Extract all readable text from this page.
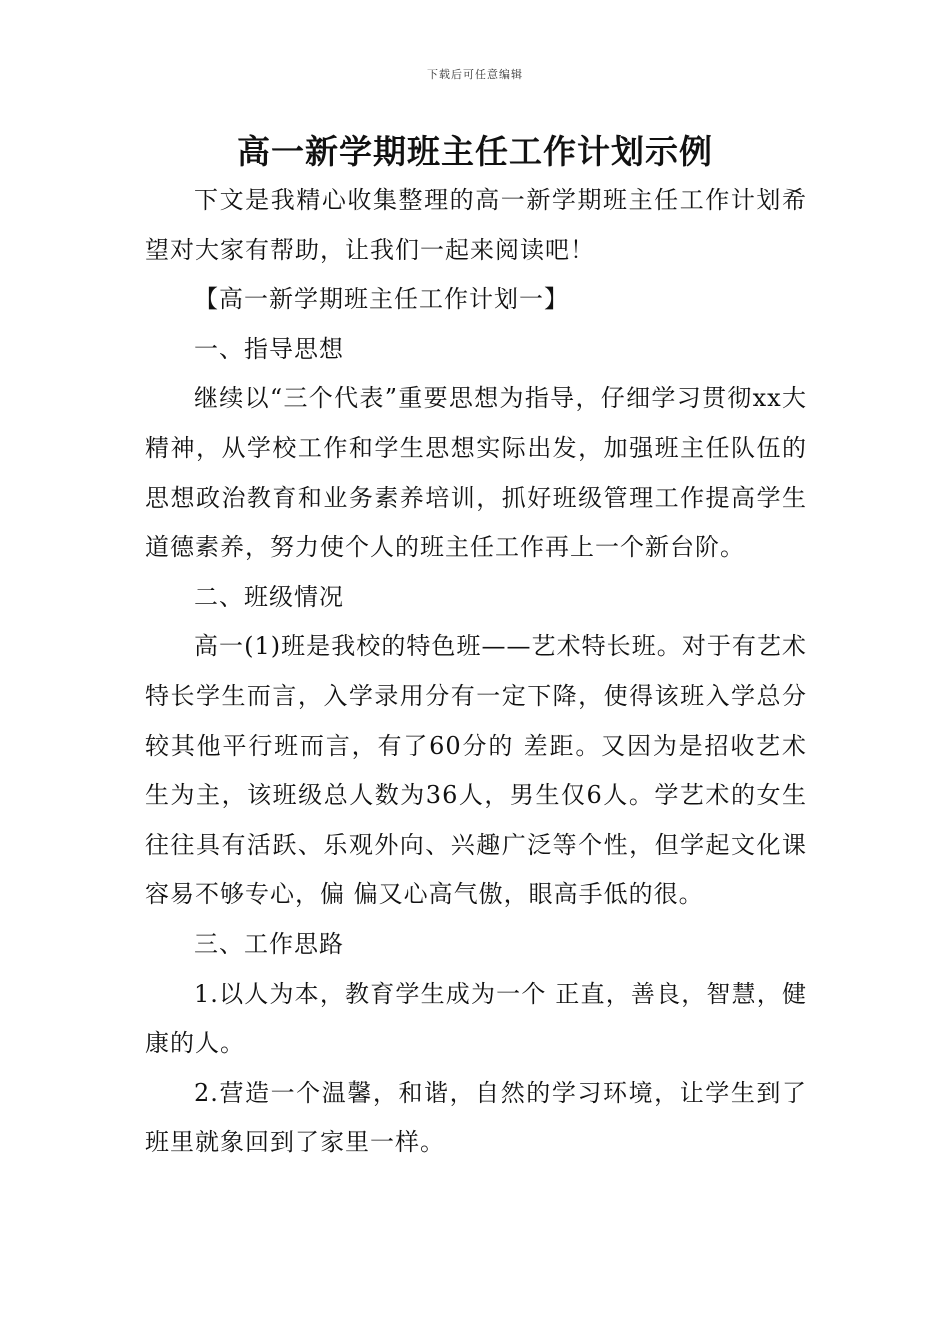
下载后可任意编辑
高一新学期班主任工作计划示例

下文是我精心收集整理的高一新学期班主任工作计划希望对大家有帮助，让我们一起来阅读吧！

【高一新学期班主任工作计划一】

一、指导思想

继续以“三个代表”重要思想为指导，仔细学习贯彻xx大精神，从学校工作和学生思想实际出发，加强班主任队伍的思想政治教育和业务素养培训，抓好班级管理工作提高学生道德素养，努力使个人的班主任工作再上一个新台阶。

二、班级情况

高一(1)班是我校的特色班——艺术特长班。对于有艺术特长学生而言，入学录用分有一定下降，使得该班入学总分较其他平行班而言，有了60分的 差距。又因为是招收艺术生为主，该班级总人数为36人，男生仅6人。学艺术的女生往往具有活跃、乐观外向、兴趣广泛等个性，但学起文化课容易不够专心，偏 偏又心高气傲，眼高手低的很。

三、工作思路

1.以人为本，教育学生成为一个 正直，善良，智慧，健康的人。

2.营造一个温馨，和谐，自然的学习环境，让学生到了班里就象回到了家里一样。
